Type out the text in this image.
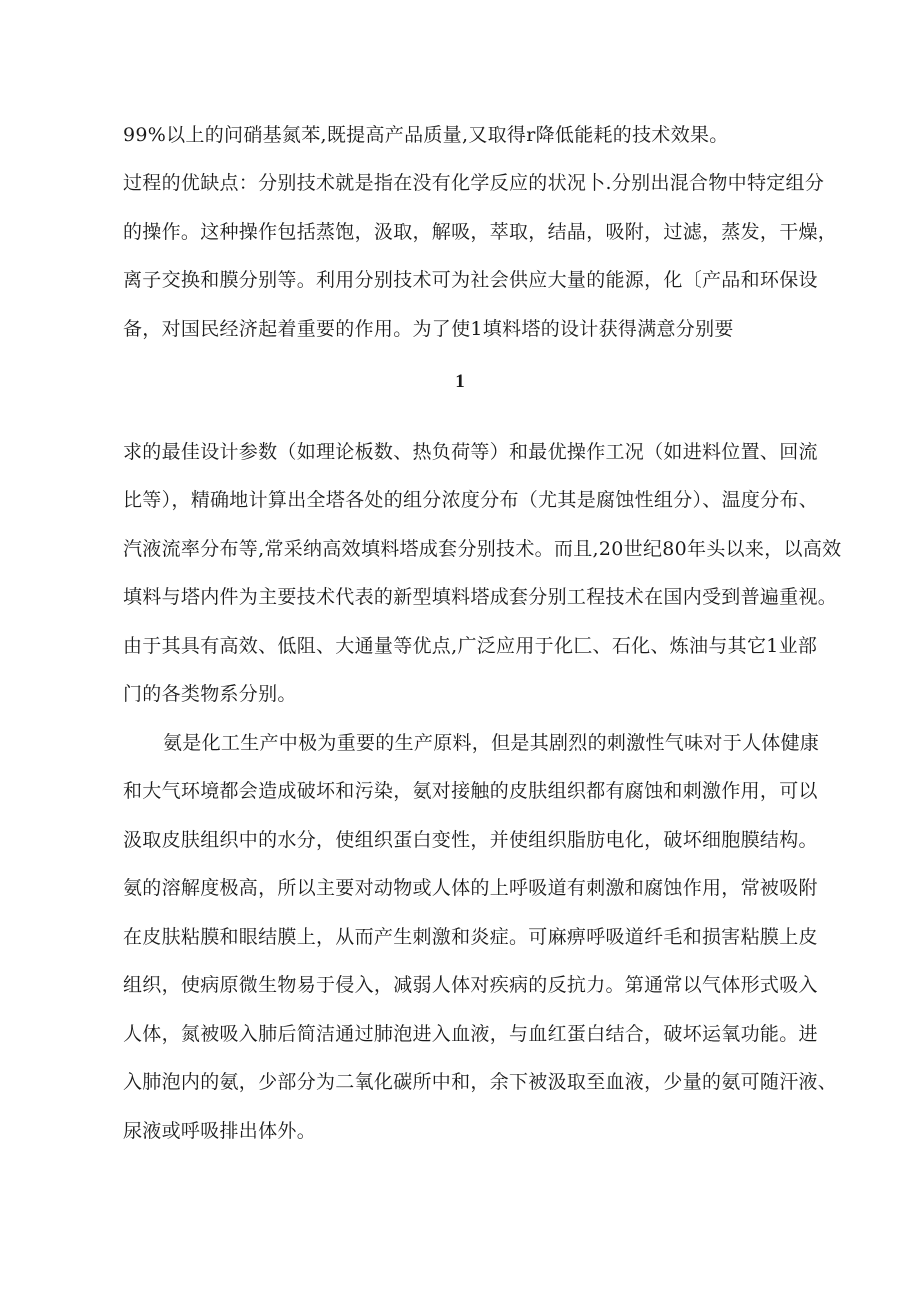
99%以上的问硝基氮苯,既提高产品质量,又取得r降低能耗的技术效果。
过程的优缺点：分别技术就是指在没有化学反应的状况卜.分别出混合物中特定组分
的操作。这种操作包括蒸饱，汲取，解吸，萃取，结晶，吸附，过滤，蒸发，干燥，
离子交换和膜分别等。利用分别技术可为社会供应大量的能源，化〔产品和环保设
备，对国民经济起着重要的作用。为了使1填料塔的设计获得满意分别要
1
求的最佳设计参数（如理论板数、热负荷等）和最优操作工况（如进料位置、回流
比等），精确地计算出全塔各处的组分浓度分布（尤其是腐蚀性组分）、温度分布、
汽液流率分布等,常采纳高效填料塔成套分别技术。而且,20世纪80年头以来，以高效
填料与塔内件为主要技术代表的新型填料塔成套分别工程技术在国内受到普遍重视。
由于其具有高效、低阻、大通量等优点,广泛应用于化匚、石化、炼油与其它1业部
门的各类物系分别。
氨是化工生产中极为重要的生产原料，但是其剧烈的刺激性气味对于人体健康
和大气环境都会造成破坏和污染，氨对接触的皮肤组织都有腐蚀和刺激作用，可以
汲取皮肤组织中的水分，使组织蛋白变性，并使组织脂肪电化，破坏细胞膜结构。
氨的溶解度极高，所以主要对动物或人体的上呼吸道有刺激和腐蚀作用，常被吸附
在皮肤粘膜和眼结膜上，从而产生刺激和炎症。可麻痹呼吸道纤毛和损害粘膜上皮
组织，使病原微生物易于侵入，减弱人体对疾病的反抗力。第通常以气体形式吸入
人体，氮被吸入肺后简洁通过肺泡进入血液，与血红蛋白结合，破坏运氧功能。进
入肺泡内的氨，少部分为二氧化碳所中和，余下被汲取至血液，少量的氨可随汗液、
尿液或呼吸排出体外。
